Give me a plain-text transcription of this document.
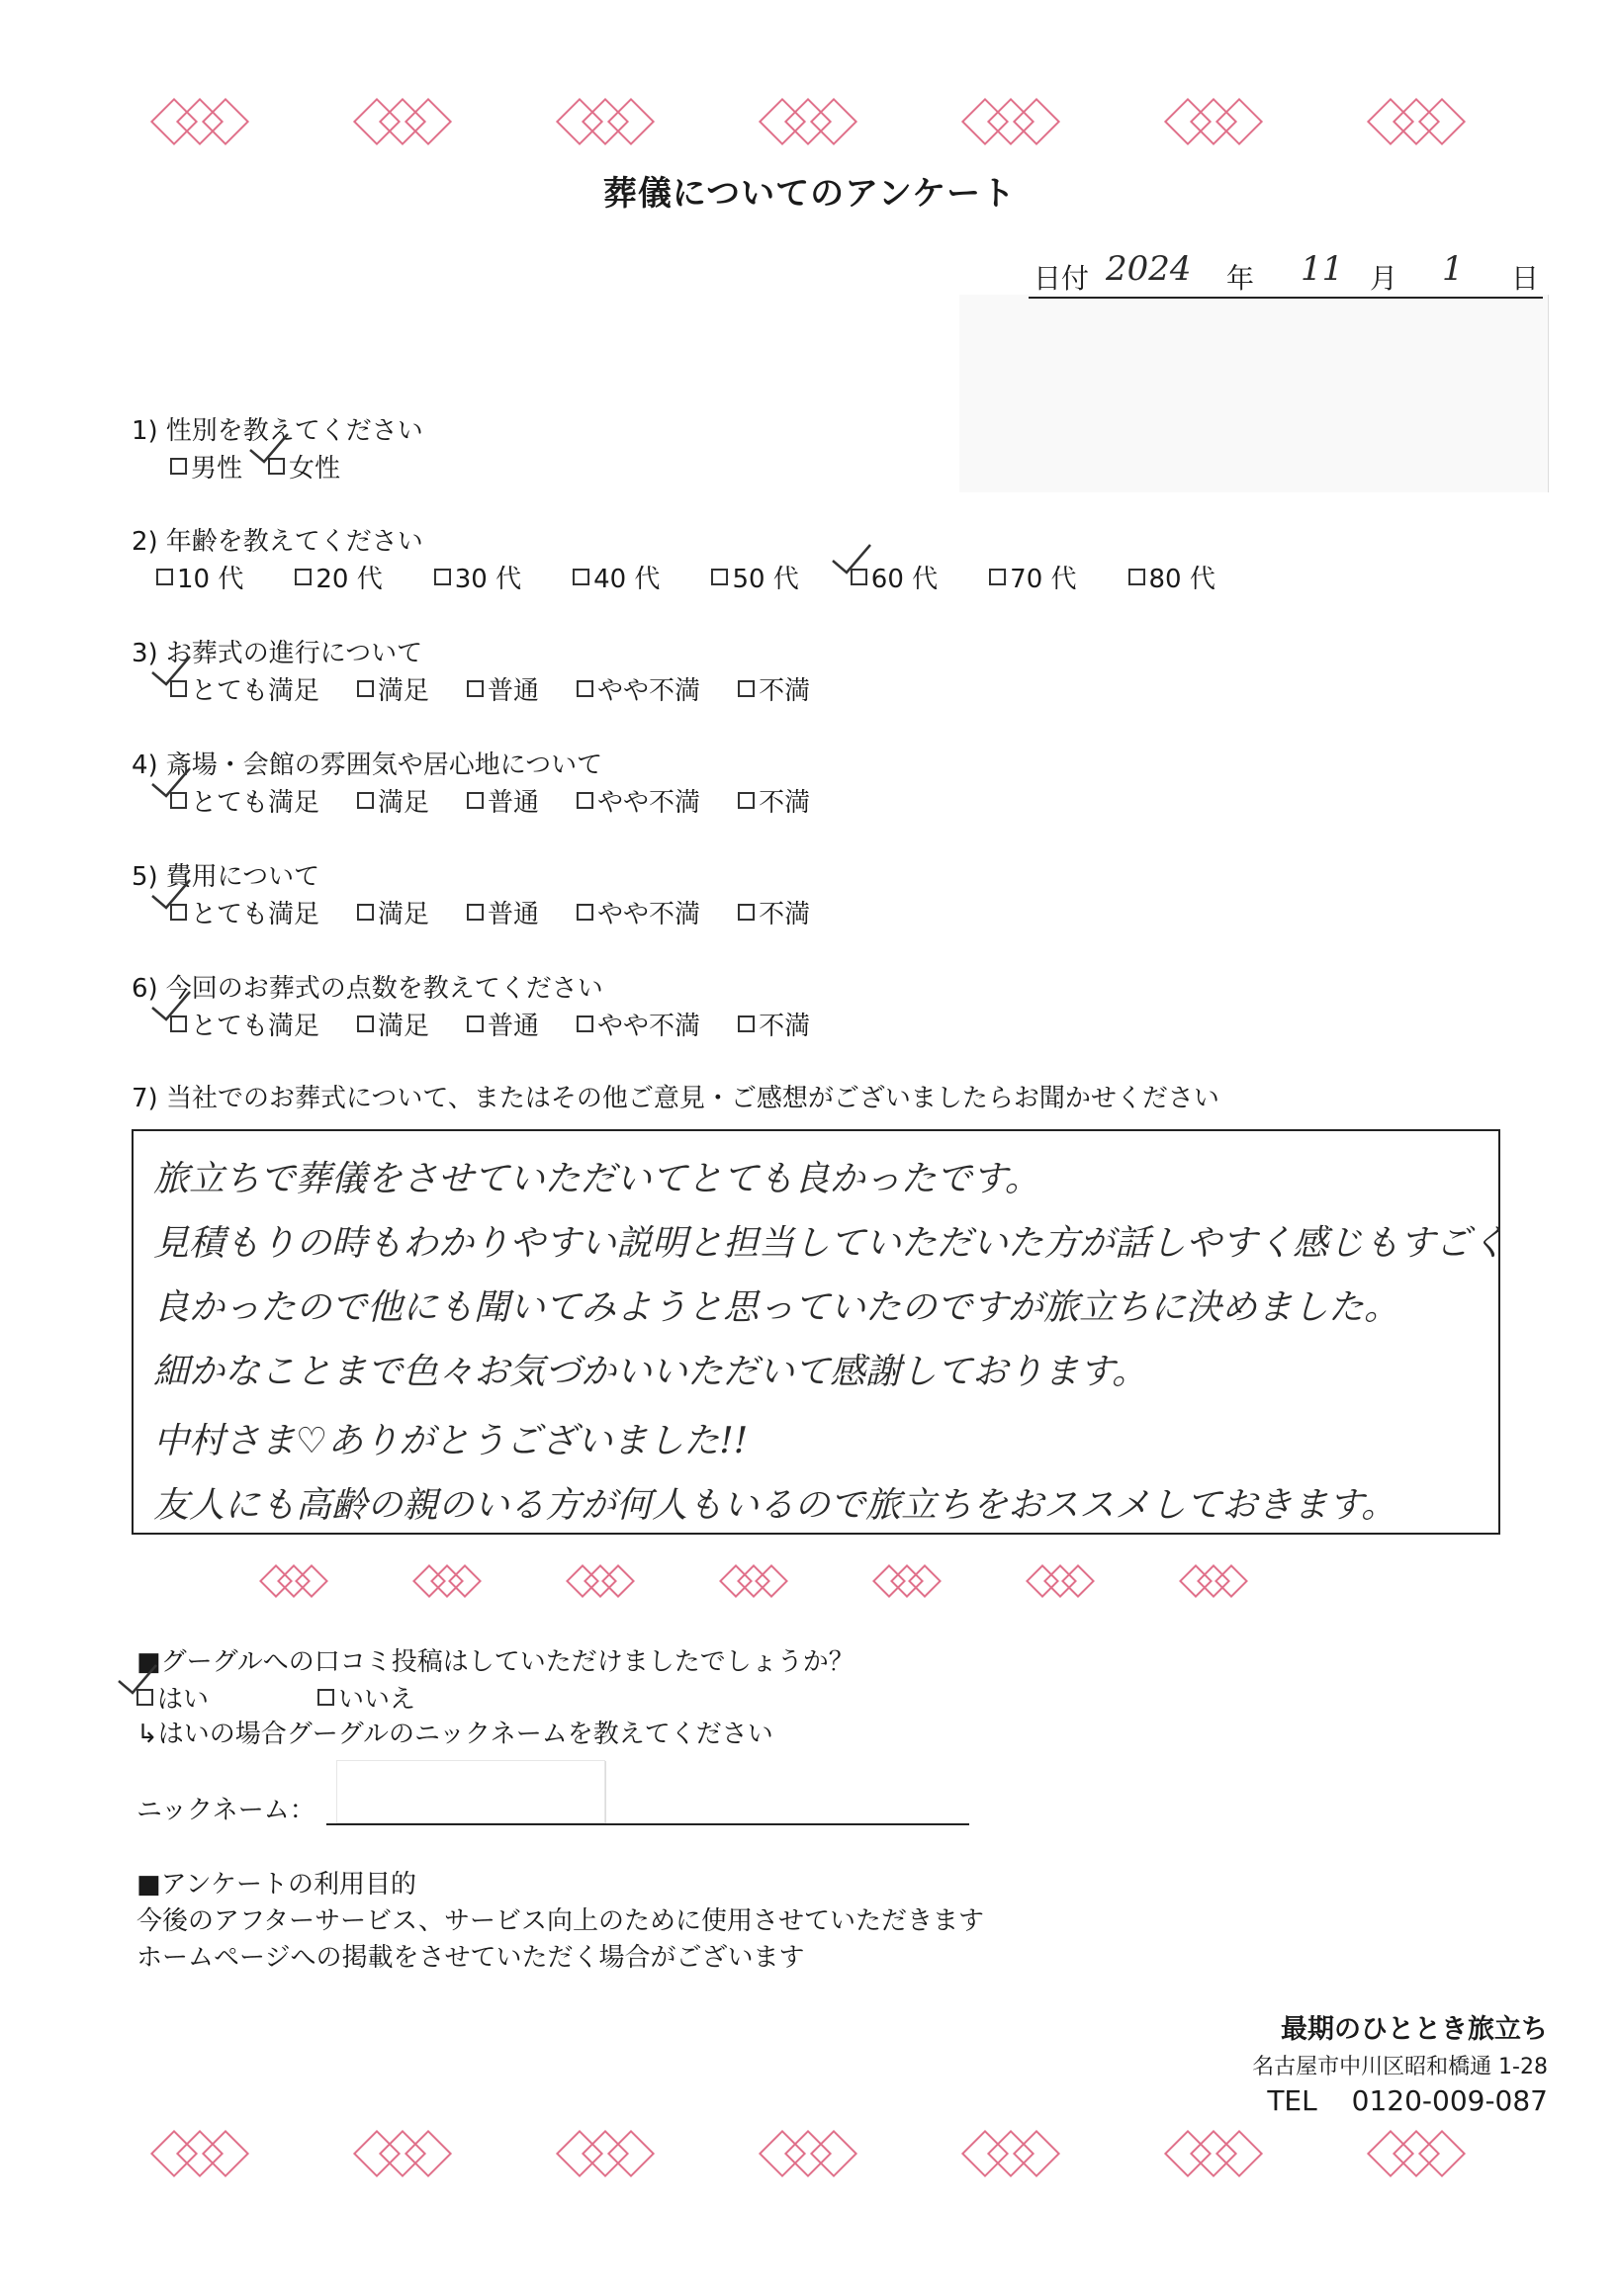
葬儀についてのアンケート
日付 2024 年 11 月 1 日
1) 性別を教えてください
男性 女性
2) 年齢を教えてください
10 代	20 代	30 代	40 代	50 代	60 代	70 代	80 代
3) お葬式の進行について
とても満足 満足 普通 やや不満 不満
4) 斎場・会館の雰囲気や居心地について
とても満足 満足 普通 やや不満 不満
5) 費用について
とても満足 満足 普通 やや不満 不満
6) 今回のお葬式の点数を教えてください
とても満足 満足 普通 やや不満 不満
7) 当社でのお葬式について、またはその他ご意見・ご感想がございましたらお聞かせください
旅立ちで葬儀をさせていただいてとても良かったです。
見積もりの時もわかりやすい説明と担当していただいた方が話しやすく感じもすごく
良かったので他にも聞いてみようと思っていたのですが旅立ちに決めました。
細かなことまで色々お気づかいいただいて感謝しております。
中村さま♡ありがとうございました!!
友人にも高齢の親のいる方が何人もいるので旅立ちをおススメしておきます。
■グーグルへの口コミ投稿はしていただけましたでしょうか？
はい	いいえ
↳はいの場合グーグルのニックネームを教えてください
ニックネーム：
■アンケートの利用目的
今後のアフターサービス、サービス向上のために使用させていただきます
ホームページへの掲載をさせていただく場合がございます
最期のひととき旅立ち
名古屋市中川区昭和橋通 1-28
TEL 0120-009-087
